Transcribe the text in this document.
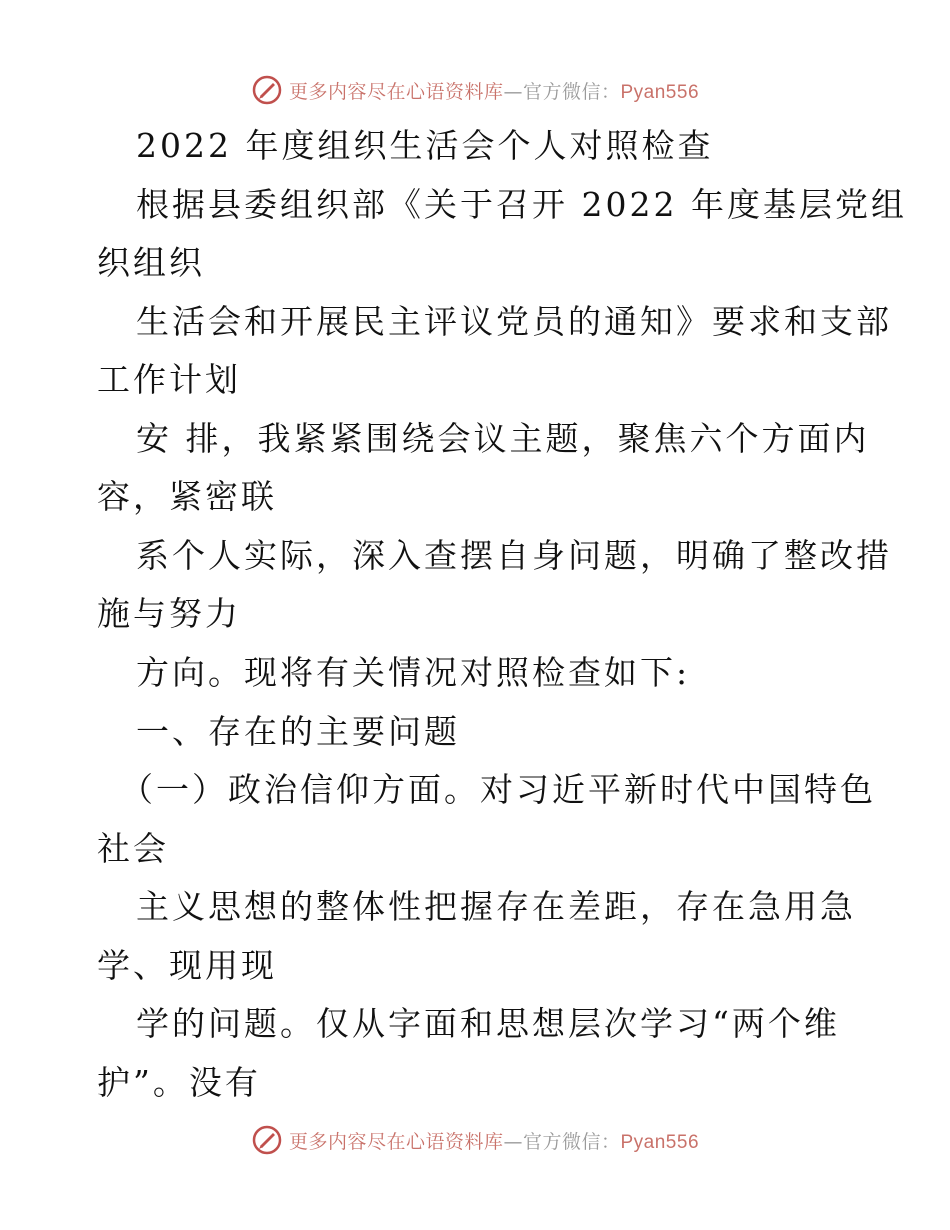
更多内容尽在心语资料库—官方微信：Pyan556
2022 年度组织生活会个人对照检查
根据县委组织部《关于召开 2022 年度基层党组
织组织
生活会和开展民主评议党员的通知》要求和支部
工作计划
安 排，我紧紧围绕会议主题，聚焦六个方面内
容，紧密联
系个人实际，深入查摆自身问题，明确了整改措
施与努力
方向。现将有关情况对照检查如下:
一、存在的主要问题
（一）政治信仰方面。对习近平新时代中国特色
社会
主义思想的整体性把握存在差距，存在急用急
学、现用现
学的问题。仅从字面和思想层次学习“两个维
护”。没有
更多内容尽在心语资料库—官方微信：Pyan556
